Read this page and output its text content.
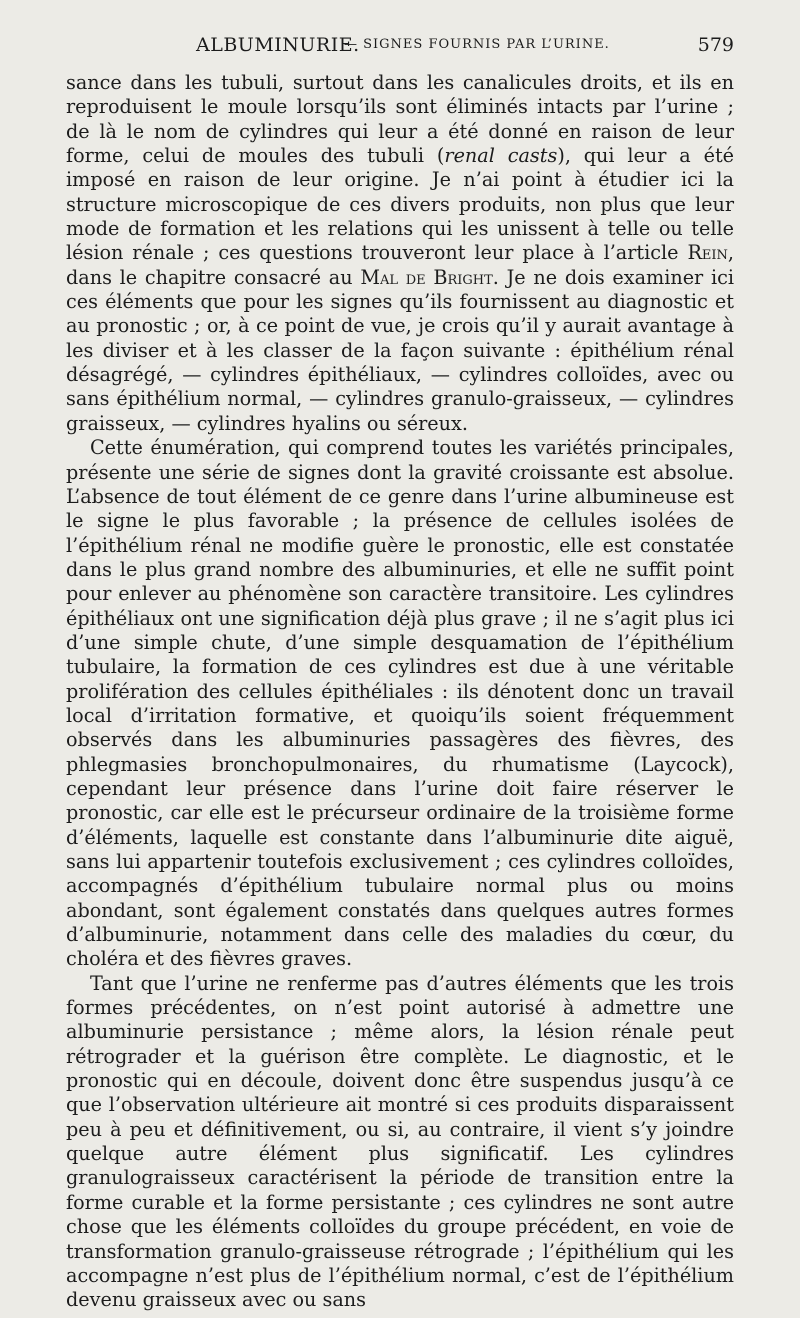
ALBUMINURIE.
— SIGNES FOURNIS PAR L’URINE.	579

sance dans les tubuli, surtout dans les canalicules droits, et ils en reproduisent le moule lorsqu’ils sont éliminés intacts par l’urine ; de là le nom de cylindres qui leur a été donné en raison de leur forme, celui de moules des tubuli (renal casts), qui leur a été imposé en raison de leur origine. Je n’ai point à étudier ici la structure microscopique de ces divers produits, non plus que leur mode de formation et les relations qui les unissent à telle ou telle lésion rénale ; ces questions trouveront leur place à l’article Rein, dans le chapitre consacré au Mal de Bright. Je ne dois examiner ici ces éléments que pour les signes qu’ils fournissent au diagnostic et au pronostic ; or, à ce point de vue, je crois qu’il y aurait avantage à les diviser et à les classer de la façon suivante : épithélium rénal désagrégé, — cylindres épithéliaux, — cylindres colloïdes, avec ou sans épithélium normal, — cylindres granulo-graisseux, — cylindres graisseux, — cylindres hyalins ou séreux.

Cette énumération, qui comprend toutes les variétés principales, présente une série de signes dont la gravité croissante est absolue. L’absence de tout élément de ce genre dans l’urine albumineuse est le signe le plus favorable ; la présence de cellules isolées de l’épithélium rénal ne modifie guère le pronostic, elle est constatée dans le plus grand nombre des albuminuries, et elle ne suffit point pour enlever au phénomène son caractère transitoire. Les cylindres épithéliaux ont une signification déjà plus grave ; il ne s’agit plus ici d’une simple chute, d’une simple desquamation de l’épithélium tubulaire, la formation de ces cylindres est due à une véritable prolifération des cellules épithéliales : ils dénotent donc un travail local d’irritation formative, et quoiqu’ils soient fréquemment observés dans les albuminuries passagères des fièvres, des phlegmasies bronchopulmonaires, du rhumatisme (Laycock), cependant leur présence dans l’urine doit faire réserver le pronostic, car elle est le précurseur ordinaire de la troisième forme d’éléments, laquelle est constante dans l’albuminurie dite aiguë, sans lui appartenir toutefois exclusivement ; ces cylindres colloïdes, accompagnés d’épithélium tubulaire normal plus ou moins abondant, sont également constatés dans quelques autres formes d’albuminurie, notamment dans celle des maladies du cœur, du choléra et des fièvres graves.

Tant que l’urine ne renferme pas d’autres éléments que les trois formes précédentes, on n’est point autorisé à admettre une albuminurie persistance ; même alors, la lésion rénale peut rétrograder et la guérison être complète. Le diagnostic, et le pronostic qui en découle, doivent donc être suspendus jusqu’à ce que l’observation ultérieure ait montré si ces produits disparaissent peu à peu et définitivement, ou si, au contraire, il vient s’y joindre quelque autre élément plus significatif. Les cylindres granulograisseux caractérisent la période de transition entre la forme curable et la forme persistante ; ces cylindres ne sont autre chose que les éléments colloïdes du groupe précédent, en voie de transformation granulo-graisseuse rétrograde ; l’épithélium qui les accompagne n’est plus de l’épithélium normal, c’est de l’épithélium devenu graisseux avec ou sans
